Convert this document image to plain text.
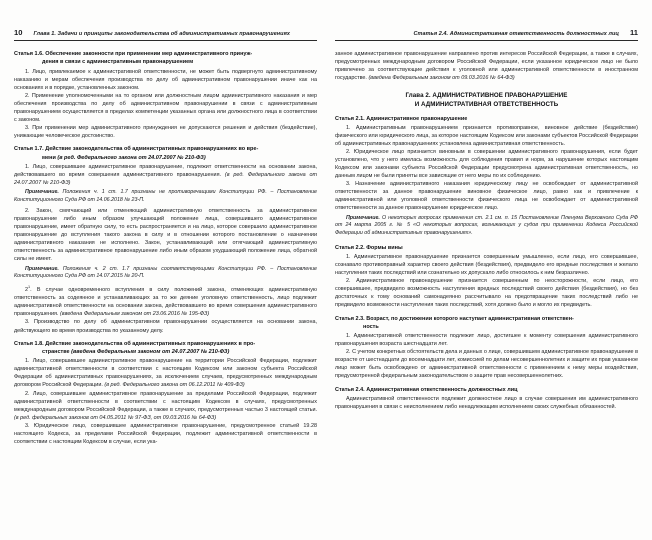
10 Глава 1. Задачи и принципы законодательства об административных правонарушениях

Статья 1.6. Обеспечение законности при применении мер административного принуж-
дения в связи с административным правонарушением

1. Лицо, привлекаемое к административной ответственности, не может быть подвергнуто административному наказанию и мерам обеспечения производства по делу об административном правонарушении иначе как на основаниях и в порядке, установленных законом.

2. Применение уполномоченными на то органом или должностным лицом административного наказания и мер обеспечения производства по делу об административном правонарушении в связи с административным правонарушением осуществляется в пределах компетенции указанных органа или должностного лица в соответствии с законом.

3. При применении мер административного принуждения не допускаются решения и действия (бездействие), унижающие человеческое достоинство.

Статья 1.7. Действие законодательства об административных правонарушениях во вре-
мени (в ред. Федерального закона от 24.07.2007 № 210-ФЗ)

1. Лицо, совершившее административное правонарушение, подлежит ответственности на основании закона, действовавшего во время совершения административного правонарушения. (в ред. Федерального закона от 24.07.2007 № 210-ФЗ)

Примечание. Положения ч. 1 ст. 1.7 признаны не противоречащими Конституции РФ. – Постановление Конституционного Суда РФ от 14.06.2018 № 23-П.

2. Закон, смягчающий или отменяющий административную ответственность за административное правонарушение либо иным образом улучшающий положение лица, совершившего административное правонарушение, имеет обратную силу, то есть распространяется и на лицо, которое совершило административное правонарушение до вступления такого закона в силу и в отношении которого постановление о назначении административного наказания не исполнено. Закон, устанавливающий или отягчающий административную ответственность за административное правонарушение либо иным образом ухудшающий положение лица, обратной силы не имеет.

Примечание. Положения ч. 2 ст. 1.7 признаны соответствующими Конституции РФ. – Постановление Конституционного Суда РФ от 14.07.2015 № 20-П.

$2^1$. В случае одновременного вступления в силу положений закона, отменяющих административную ответственность за содеянное и устанавливающих за то же деяние уголовную ответственность, лицо подлежит административной ответственности на основании закона, действовавшего во время совершения административного правонарушения. (введена Федеральным законом от 23.06.2016 № 195-ФЗ)

3. Производство по делу об административном правонарушении осуществляется на основании закона, действующего во время производства по указанному делу.

Статья 1.8. Действие законодательства об административных правонарушениях в про-
странстве (введена Федеральным законом от 24.07.2007 № 210-ФЗ)

1. Лицо, совершившее административное правонарушение на территории Российской Федерации, подлежит административной ответственности в соответствии с настоящим Кодексом или законом субъекта Российской Федерации об административных правонарушениях, за исключением случаев, предусмотренных международным договором Российской Федерации. (в ред. Федерального закона от 06.12.2011 № 409-ФЗ)

2. Лицо, совершившее административное правонарушение за пределами Российской Федерации, подлежит административной ответственности в соответствии с настоящим Кодексом в случаях, предусмотренных международным договором Российской Федерации, а также в случаях, предусмотренных частью 3 настоящей статьи. (в ред. федеральных законов от 04.05.2011 № 97-ФЗ, от 09.03.2016 № 64-ФЗ)

3. Юридическое лицо, совершившее административное правонарушение, предусмотренное статьей 19.28 настоящего Кодекса, за пределами Российской Федерации, подлежит административной ответственности в соответствии с настоящим Кодексом в случае, если ука-

Статья 2.4. Административная ответственность должностных лиц 11

занное административное правонарушение направлено против интересов Российской Федерации, а также в случаях, предусмотренных международным договором Российской Федерации, если указанное юридическое лицо не было привлечено за соответствующие действия к уголовной или административной ответственности в иностранном государстве. (введена Федеральным законом от 09.03.2016 № 64-ФЗ)

Глава 2. АДМИНИСТРАТИВНОЕ ПРАВОНАРУШЕНИЕ
И АДМИНИСТРАТИВНАЯ ОТВЕТСТВЕННОСТЬ

Статья 2.1. Административное правонарушение

1. Административным правонарушением признается противоправное, виновное действие (бездействие) физического или юридического лица, за которое настоящим Кодексом или законами субъектов Российской Федерации об административных правонарушениях установлена административная ответственность.

2. Юридическое лицо признается виновным в совершении административного правонарушения, если будет установлено, что у него имелась возможность для соблюдения правил и норм, за нарушение которых настоящим Кодексом или законами субъекта Российской Федерации предусмотрена административная ответственность, но данным лицом не были приняты все зависящие от него меры по их соблюдению.

3. Назначение административного наказания юридическому лицу не освобождает от административной ответственности за данное правонарушение виновное физическое лицо, равно как и привлечение к административной или уголовной ответственности физического лица не освобождает от административной ответственности за данное правонарушение юридическое лицо.

Примечание. О некоторых вопросах применения ст. 2.1 см. п. 15 Постановление Пленума Верховного Суда РФ от 24 марта 2005 г. № 5 «О некоторых вопросах, возникающих у судов при применении Кодекса Российской Федерации об административных правонарушениях».

Статья 2.2. Формы вины

1. Административное правонарушение признается совершенным умышленно, если лицо, его совершившее, сознавало противоправный характер своего действия (бездействия), предвидело его вредные последствия и желало наступления таких последствий или сознательно их допускало либо относилось к ним безразлично.

2. Административное правонарушение признается совершенным по неосторожности, если лицо, его совершившее, предвидело возможность наступления вредных последствий своего действия (бездействия), но без достаточных к тому оснований самонадеянно рассчитывало на предотвращение таких последствий либо не предвидело возможности наступления таких последствий, хотя должно было и могло их предвидеть.

Статья 2.3. Возраст, по достижении которого наступает административная ответствен-
ность

1. Административной ответственности подлежит лицо, достигшее к моменту совершения административного правонарушения возраста шестнадцати лет.

2. С учетом конкретных обстоятельств дела и данных о лице, совершившем административное правонарушение в возрасте от шестнадцати до восемнадцати лет, комиссией по делам несовершеннолетних и защите их прав указанное лицо может быть освобождено от административной ответственности с применением к нему меры воздействия, предусмотренной федеральным законодательством о защите прав несовершеннолетних.

Статья 2.4. Административная ответственность должностных лиц

Административной ответственности подлежит должностное лицо в случае совершения им административного правонарушения в связи с неисполнением либо ненадлежащим исполнением своих служебных обязанностей.
